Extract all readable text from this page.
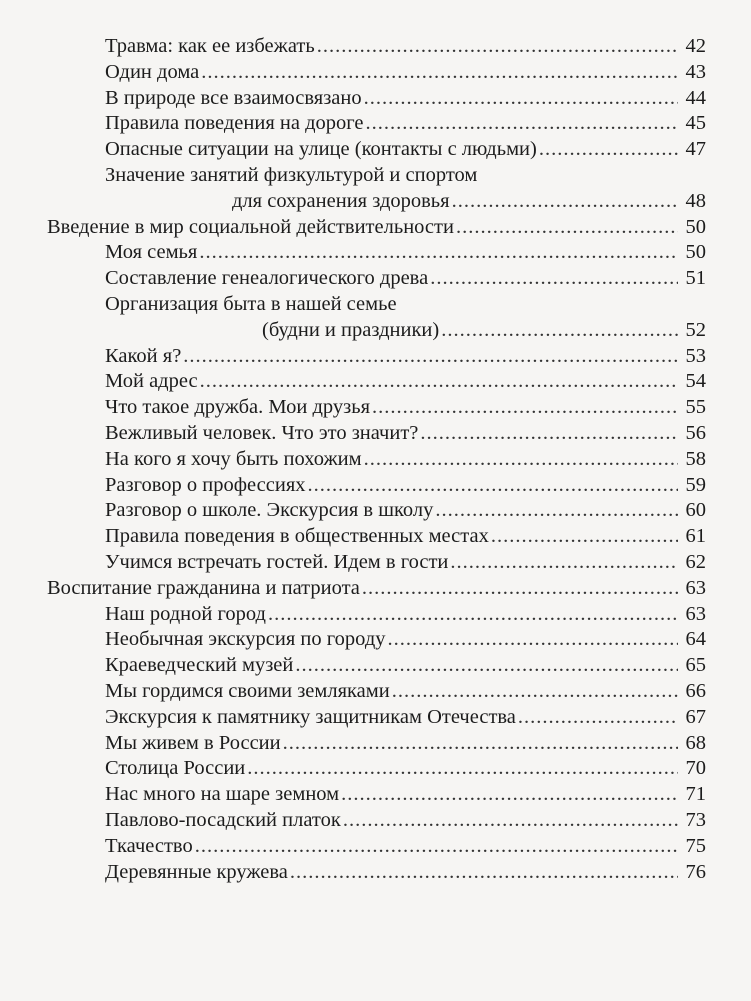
Травма: как ее избежать .....	42
Один дома .....	43
В природе все взаимосвязано .....	44
Правила поведения на дороге .....	45
Опасные ситуации на улице (контакты с людьми) .....	47
Значение занятий физкультурой и спортом
для сохранения здоровья .....	48
Введение в мир социальной действительности .....	50
Моя семья .....	50
Составление генеалогического древа .....	51
Организация быта в нашей семье
(будни и праздники) .....	52
Какой я? .....	53
Мой адрес .....	54
Что такое дружба. Мои друзья .....	55
Вежливый человек. Что это значит? .....	56
На кого я хочу быть похожим .....	58
Разговор о профессиях .....	59
Разговор о школе. Экскурсия в школу .....	60
Правила поведения в общественных местах .....	61
Учимся встречать гостей. Идем в гости .....	62
Воспитание гражданина и патриота .....	63
Наш родной город .....	63
Необычная экскурсия по городу .....	64
Краеведческий музей .....	65
Мы гордимся своими земляками .....	66
Экскурсия к памятнику защитникам Отечества .....	67
Мы живем в России .....	68
Столица России .....	70
Нас много на шаре земном .....	71
Павлово-посадский платок .....	73
Ткачество .....	75
Деревянные кружева .....	76
